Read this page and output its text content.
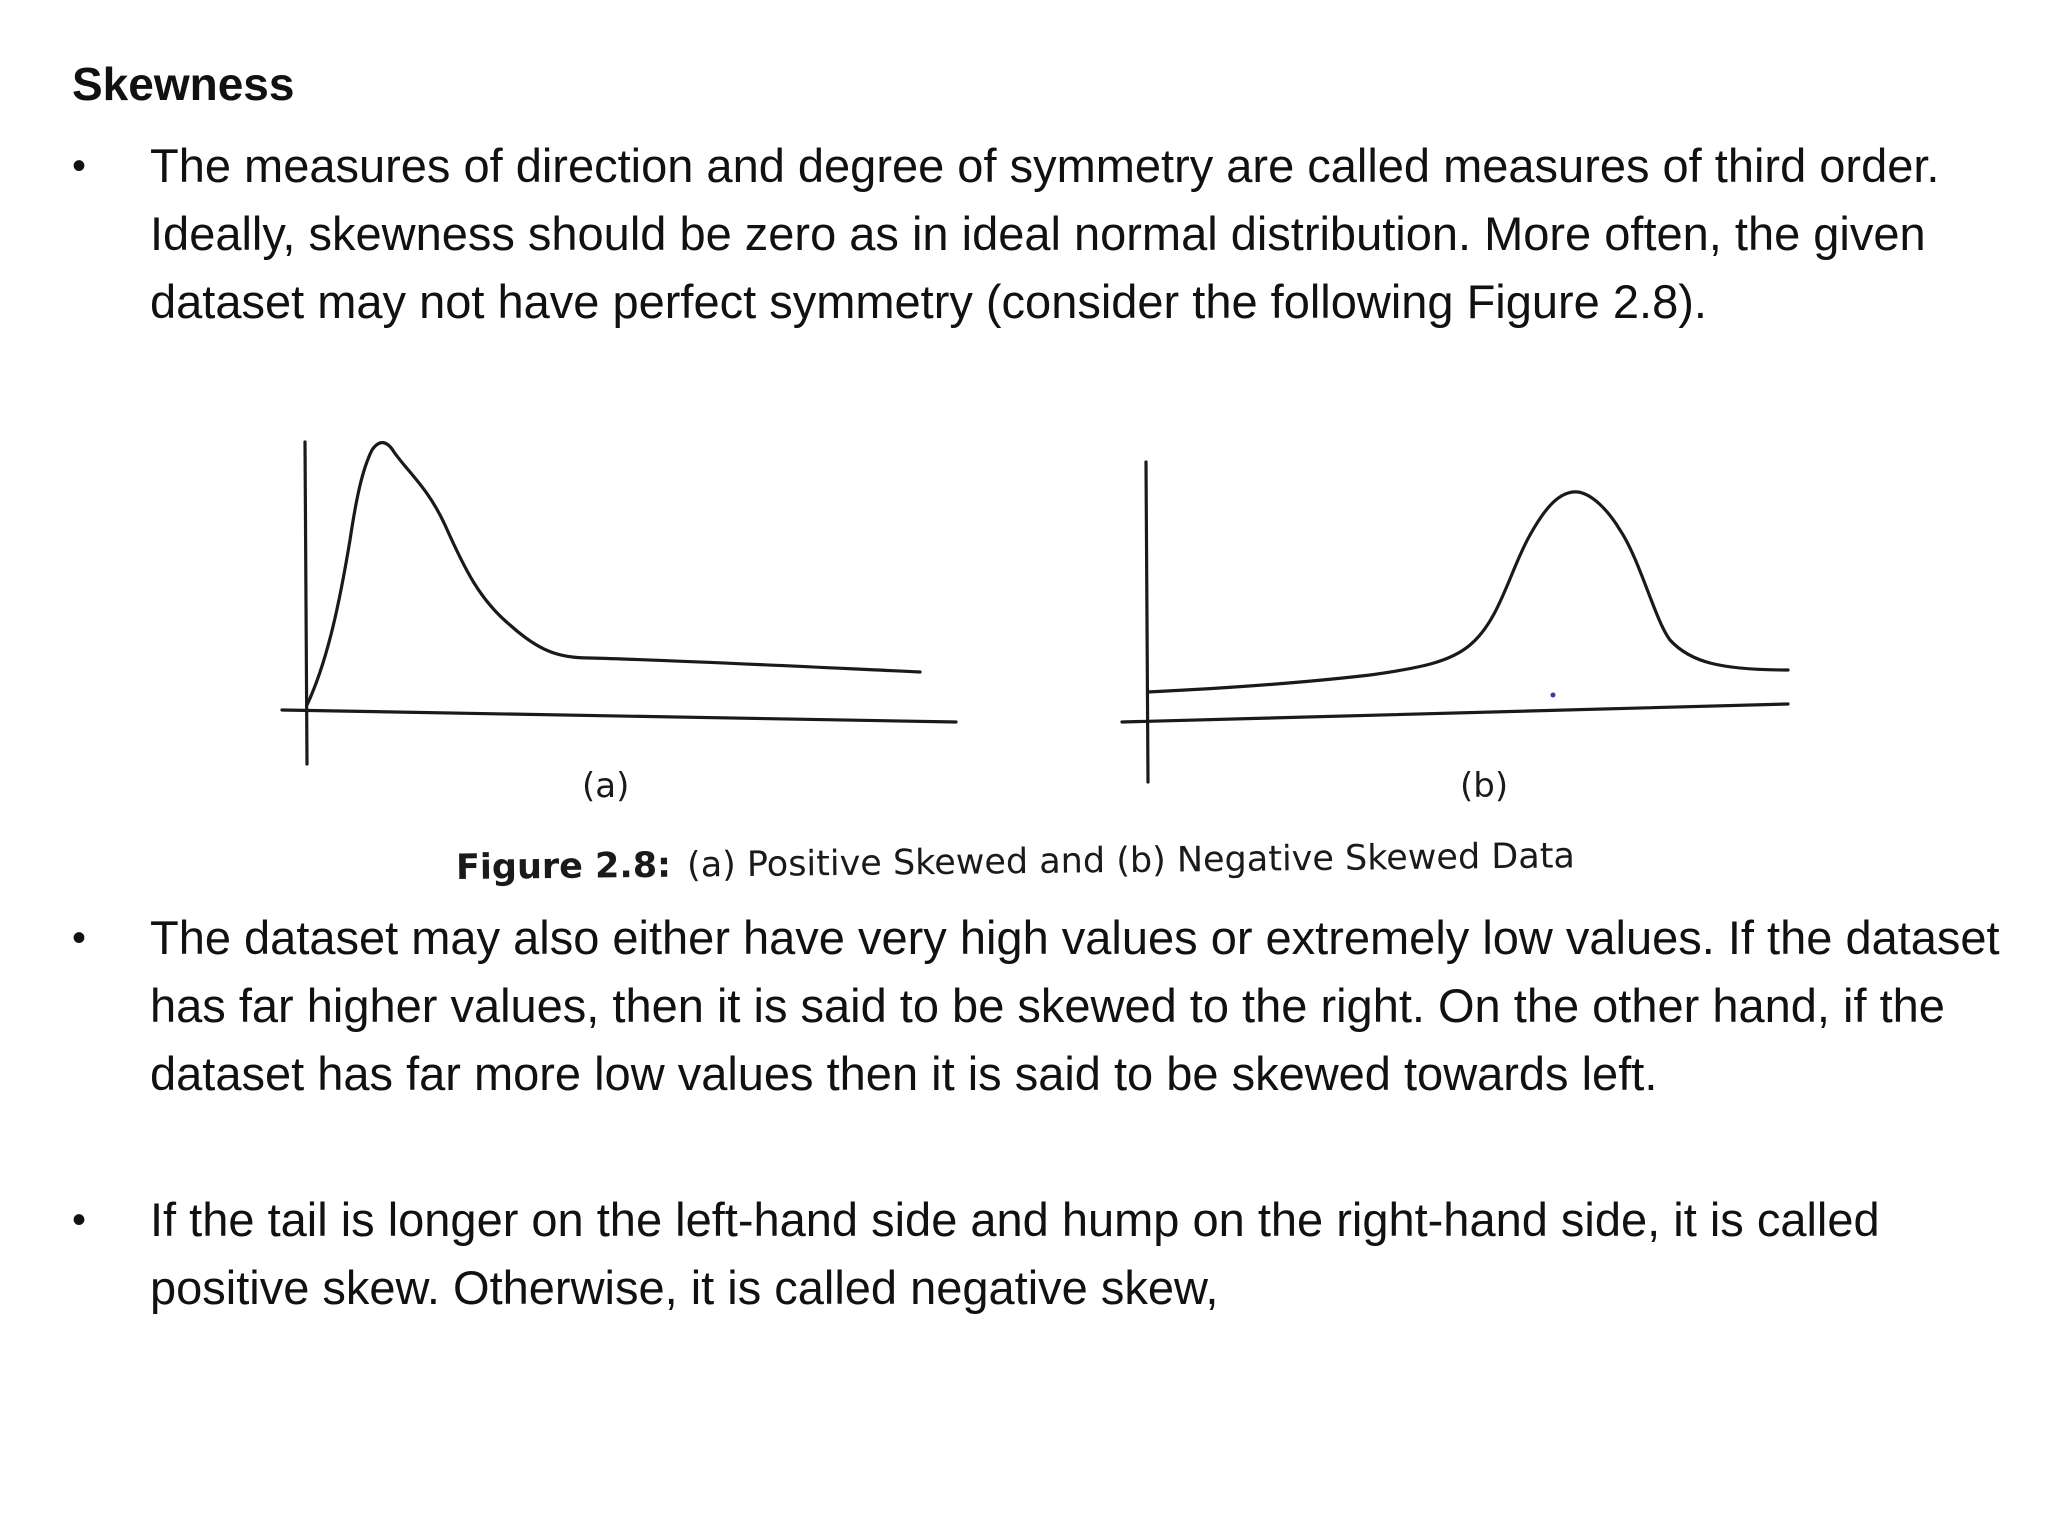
Skewness
•	The measures of direction and degree of symmetry are called measures of third order. Ideally, skewness should be zero as in ideal normal distribution. More often, the given dataset may not have perfect symmetry (consider the following Figure 2.8).
(a)	(b)
Figure 2.8: (a) Positive Skewed and (b) Negative Skewed Data
•	The dataset may also either have very high values or extremely low values. If the dataset has far higher values, then it is said to be skewed to the right. On the other hand, if the dataset has far more low values then it is said to be skewed towards left.
•	If the tail is longer on the left-hand side and hump on the right-hand side, it is called positive skew. Otherwise, it is called negative skew,
